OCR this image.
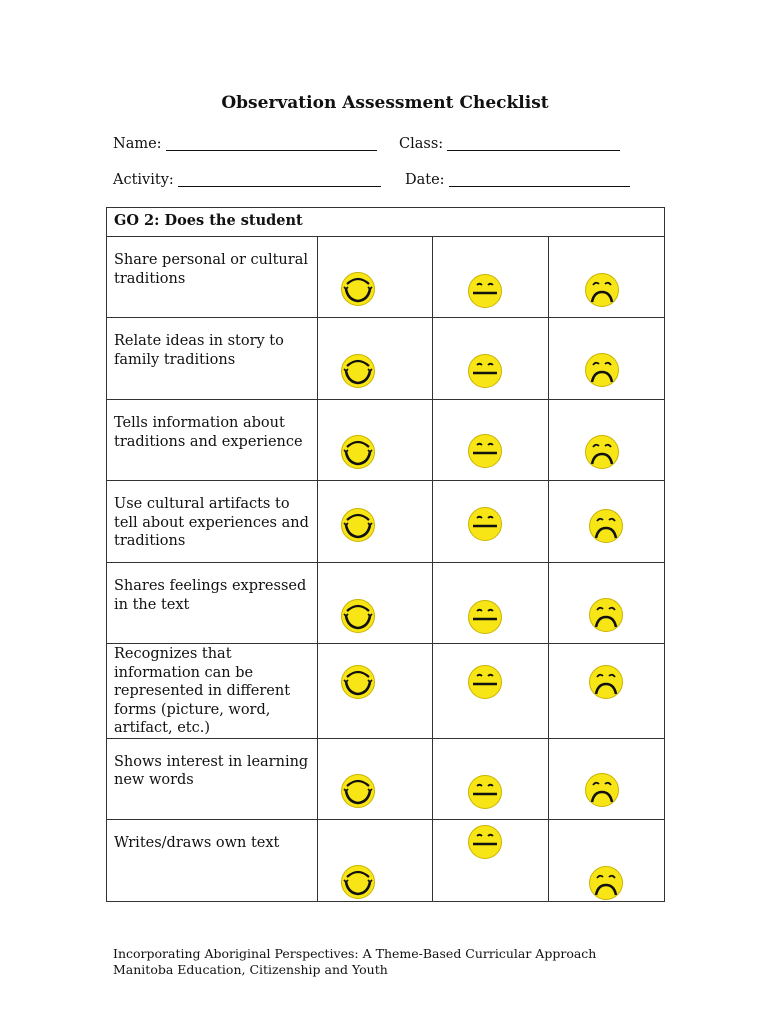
Observation Assessment Checklist
Name:	Class:
Activity:	Date:
GO 2: Does the student			
Share personal or cultural traditions	

Relate ideas in story to family traditions	

Tells information about traditions and experience	

Use cultural artifacts to tell about experiences and traditions	

Shares feelings expressed in the text	

Recognizes that information can be represented in different forms (picture, word, artifact, etc.)	

Shows interest in learning new words	

Writes/draws own text	

Incorporating Aboriginal Perspectives: A Theme-Based Curricular Approach
Manitoba Education, Citizenship and Youth
